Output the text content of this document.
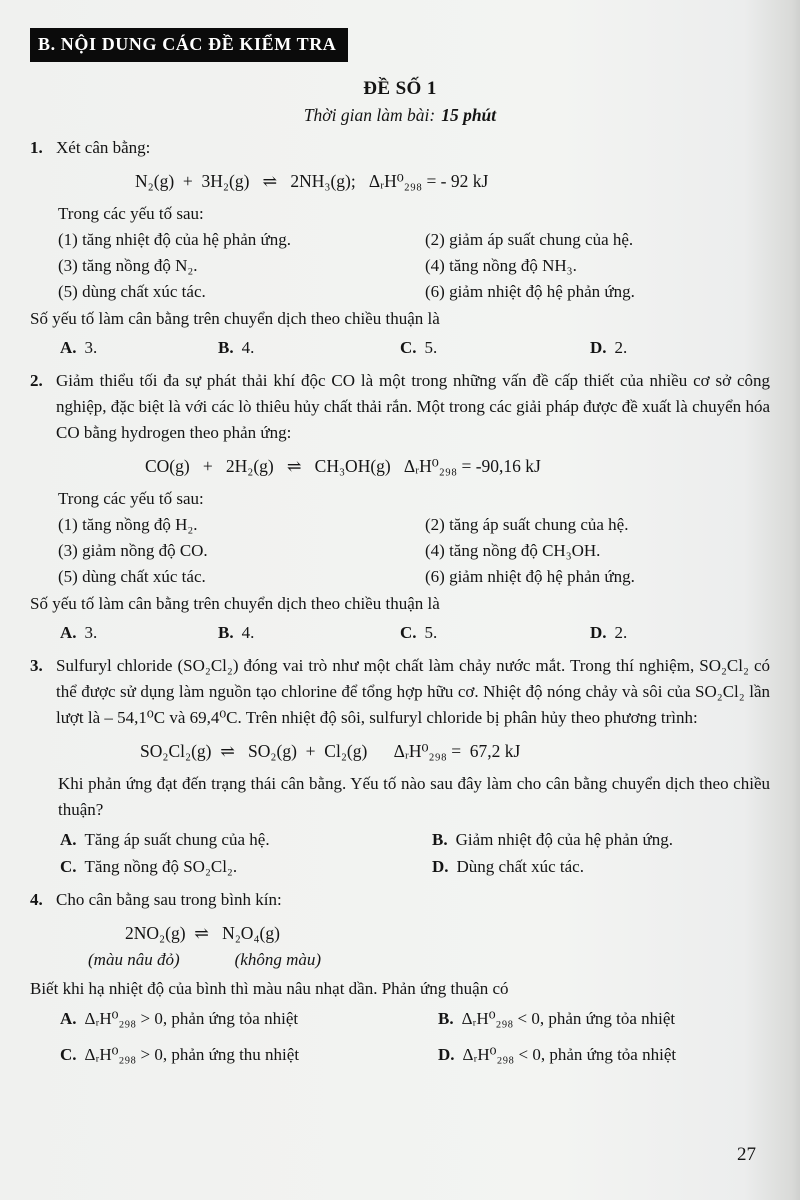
B. NỘI DUNG CÁC ĐỀ KIỂM TRA
ĐỀ SỐ 1
Thời gian làm bài: 15 phút
1. Xét cân bằng:
N₂(g)  +  3H₂(g)   ⇌   2NH₃(g);   ΔᵣH⁰₂₉₈ = - 92 kJ
Trong các yếu tố sau:
(1) tăng nhiệt độ của hệ phản ứng.	(2) giảm áp suất chung của hệ.
(3) tăng nồng độ N₂.	(4) tăng nồng độ NH₃.
(5) dùng chất xúc tác.	(6) giảm nhiệt độ hệ phản ứng.
Số yếu tố làm cân bằng trên chuyển dịch theo chiều thuận là
A. 3.	B. 4.	C. 5.	D. 2.
2. Giảm thiểu tối đa sự phát thải khí độc CO là một trong những vấn đề cấp thiết của nhiều cơ sở công nghiệp, đặc biệt là với các lò thiêu hủy chất thải rắn. Một trong các giải pháp được đề xuất là chuyển hóa CO bằng hydrogen theo phản ứng:
CO(g)   +   2H₂(g)   ⇌   CH₃OH(g)   ΔᵣH⁰₂₉₈ = -90,16 kJ
Trong các yếu tố sau:
(1) tăng nồng độ H₂.	(2) tăng áp suất chung của hệ.
(3) giảm nồng độ CO.	(4) tăng nồng độ CH₃OH.
(5) dùng chất xúc tác.	(6) giảm nhiệt độ hệ phản ứng.
Số yếu tố làm cân bằng trên chuyển dịch theo chiều thuận là
A. 3.	B. 4.	C. 5.	D. 2.
3. Sulfuryl chloride (SO₂Cl₂) đóng vai trò như một chất làm chảy nước mắt. Trong thí nghiệm, SO₂Cl₂ có thể được sử dụng làm nguồn tạo chlorine để tổng hợp hữu cơ. Nhiệt độ nóng chảy và sôi của SO₂Cl₂ lần lượt là – 54,1⁰C và 69,4⁰C. Trên nhiệt độ sôi, sulfuryl chloride bị phân hủy theo phương trình:
SO₂Cl₂(g)  ⇌   SO₂(g)  +  Cl₂(g)      ΔᵣH⁰₂₉₈ =  67,2 kJ
Khi phản ứng đạt đến trạng thái cân bằng. Yếu tố nào sau đây làm cho cân bằng chuyển dịch theo chiều thuận?
A. Tăng áp suất chung của hệ.	B. Giảm nhiệt độ của hệ phản ứng.
C. Tăng nồng độ SO₂Cl₂.	D. Dùng chất xúc tác.
4. Cho cân bằng sau trong bình kín:
2NO₂(g)  ⇌   N₂O₄(g)
(màu nâu đỏ)	(không màu)
Biết khi hạ nhiệt độ của bình thì màu nâu nhạt dần. Phản ứng thuận có
A. ΔᵣH⁰₂₉₈ > 0, phản ứng tỏa nhiệt	B. ΔᵣH⁰₂₉₈ < 0, phản ứng tỏa nhiệt
C. ΔᵣH⁰₂₉₈ > 0, phản ứng thu nhiệt	D. ΔᵣH⁰₂₉₈ < 0, phản ứng tỏa nhiệt
27
